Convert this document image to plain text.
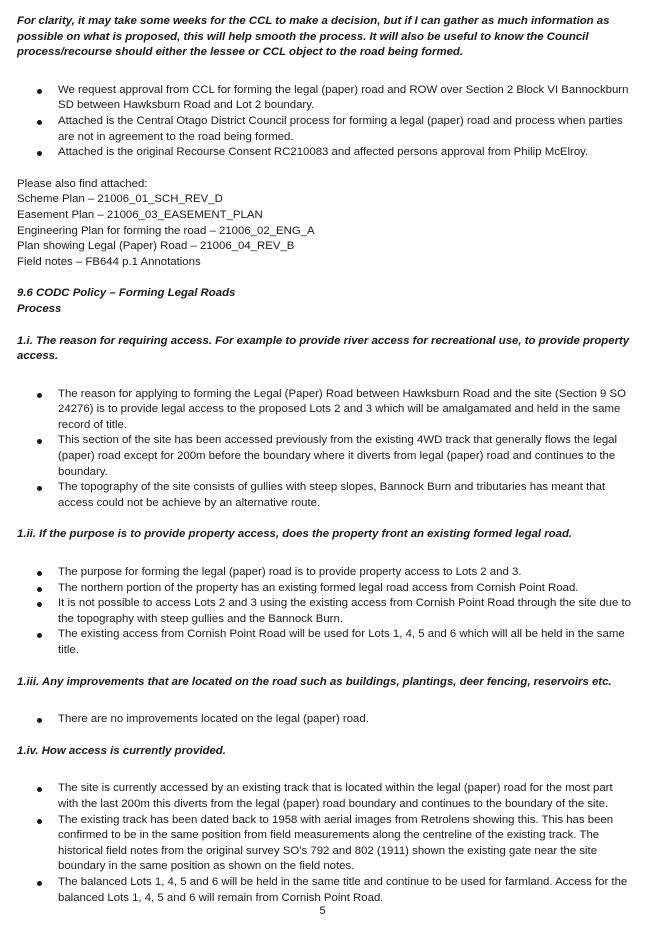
For clarity, it may take some weeks for the CCL to make a decision, but if I can gather as much information as possible on what is proposed, this will help smooth the process. It will also be useful to know the Council process/recourse should either the lessee or CCL object to the road being formed.

We request approval from CCL for forming the legal (paper) road and ROW over Section 2 Block VI Bannockburn SD between Hawksburn Road and Lot 2 boundary.
Attached is the Central Otago District Council process for forming a legal (paper) road and process when parties are not in agreement to the road being formed.
Attached is the original Recourse Consent RC210083 and affected persons approval from Philip McElroy.
Please also find attached:
Scheme Plan – 21006_01_SCH_REV_D
Easement Plan – 21006_03_EASEMENT_PLAN
Engineering Plan for forming the road – 21006_02_ENG_A
Plan showing Legal (Paper) Road – 21006_04_REV_B
Field notes – FB644 p.1 Annotations
9.6 CODC Policy – Forming Legal Roads
Process
1.i. The reason for requiring access. For example to provide river access for recreational use, to provide property access.
The reason for applying to forming the Legal (Paper) Road between Hawksburn Road and the site (Section 9 SO 24276) is to provide legal access to the proposed Lots 2 and 3 which will be amalgamated and held in the same record of title.
This section of the site has been accessed previously from the existing 4WD track that generally flows the legal (paper) road except for 200m before the boundary where it diverts from legal (paper) road and continues to the boundary.
The topography of the site consists of gullies with steep slopes, Bannock Burn and tributaries has meant that access could not be achieve by an alternative route.
1.ii. If the purpose is to provide property access, does the property front an existing formed legal road.
The purpose for forming the legal (paper) road is to provide property access to Lots 2 and 3.
The northern portion of the property has an existing formed legal road access from Cornish Point Road.
It is not possible to access Lots 2 and 3 using the existing access from Cornish Point Road through the site due to the topography with steep gullies and the Bannock Burn.
The existing access from Cornish Point Road will be used for Lots 1, 4, 5 and 6 which will all be held in the same title.
1.iii. Any improvements that are located on the road such as buildings, plantings, deer fencing, reservoirs etc.
There are no improvements located on the legal (paper) road.
1.iv. How access is currently provided.
The site is currently accessed by an existing track that is located within the legal (paper) road for the most part with the last 200m this diverts from the legal (paper) road boundary and continues to the boundary of the site.
The existing track has been dated back to 1958 with aerial images from Retrolens showing this. This has been confirmed to be in the same position from field measurements along the centreline of the existing track. The historical field notes from the original survey SO’s 792 and 802 (1911) shown the existing gate near the site boundary in the same position as shown on the field notes.
The balanced Lots 1, 4, 5 and 6 will be held in the same title and continue to be used for farmland. Access for the balanced Lots 1, 4, 5 and 6 will remain from Cornish Point Road.
5
